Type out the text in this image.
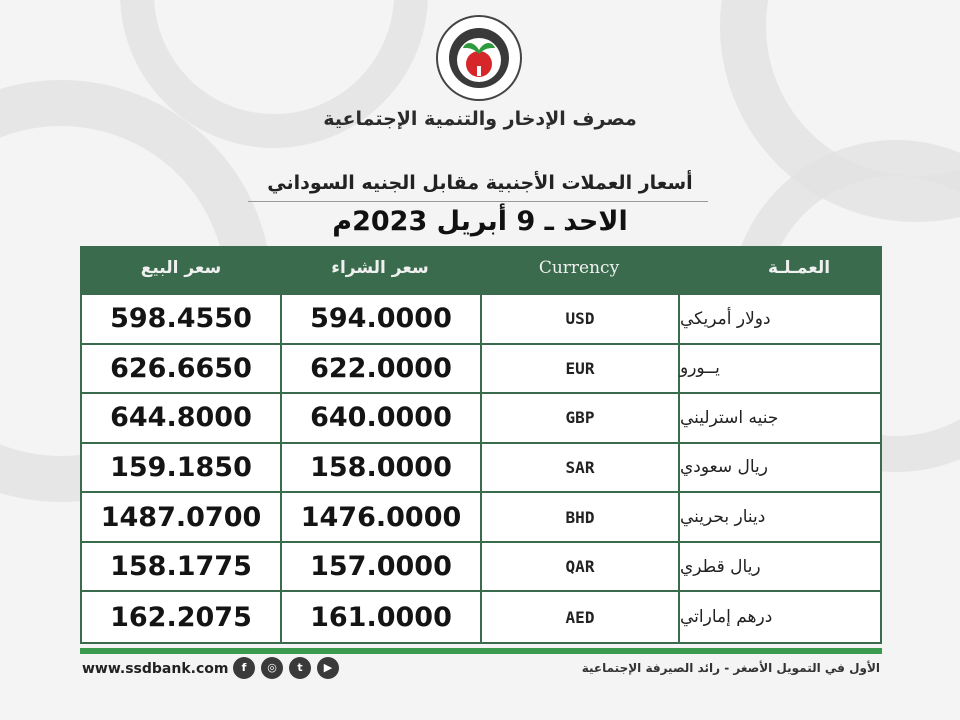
مصرف الإدخار والتنمية الإجتماعية
أسعار العملات الأجنبية مقابل الجنيه السوداني
الاحد ـ 9 أبريل 2023م
سعر البيع	سعر الشراء	Currency	العمـلـة
598.4550	594.0000	USD	دولار أمريكي
626.6650	622.0000	EUR	يــورو
644.8000	640.0000	GBP	جنيه استرليني
159.1850	158.0000	SAR	ريال سعودي
1487.0700	1476.0000	BHD	دينار بحريني
158.1775	157.0000	QAR	ريال قطري
162.2075	161.0000	AED	درهم إماراتي
www.ssdbank.com	f	◎	t	▶	الأول في التمويل الأصغر - رائد الصيرفة الإجتماعية
